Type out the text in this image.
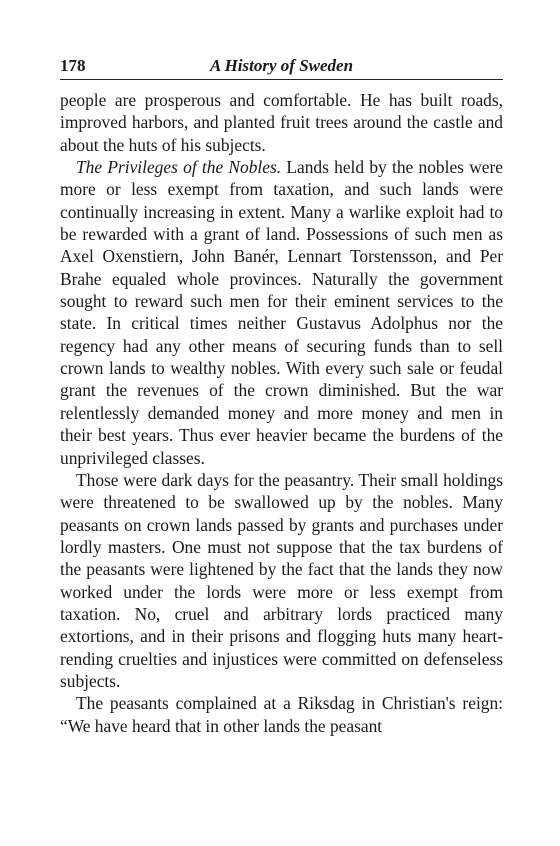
178	A History of Sweden

people are prosperous and comfortable. He has built roads, improved harbors, and planted fruit trees around the castle and about the huts of his subjects.

The Privileges of the Nobles. Lands held by the nobles were more or less exempt from taxation, and such lands were continually increasing in extent. Many a warlike exploit had to be rewarded with a grant of land. Possessions of such men as Axel Oxenstiern, John Banér, Lennart Torstensson, and Per Brahe equaled whole provinces. Naturally the government sought to reward such men for their eminent services to the state. In critical times neither Gustavus Adolphus nor the regency had any other means of securing funds than to sell crown lands to wealthy nobles. With every such sale or feudal grant the revenues of the crown diminished. But the war relentlessly demanded money and more money and men in their best years. Thus ever heavier became the burdens of the unprivileged classes.

Those were dark days for the peasantry. Their small holdings were threatened to be swallowed up by the nobles. Many peasants on crown lands passed by grants and purchases under lordly masters. One must not suppose that the tax burdens of the peasants were lightened by the fact that the lands they now worked under the lords were more or less exempt from taxation. No, cruel and arbitrary lords practiced many extortions, and in their prisons and flogging huts many heart-rending cruelties and injustices were committed on defenseless subjects.

The peasants complained at a Riksdag in Christian's reign: “We have heard that in other lands the peasant
